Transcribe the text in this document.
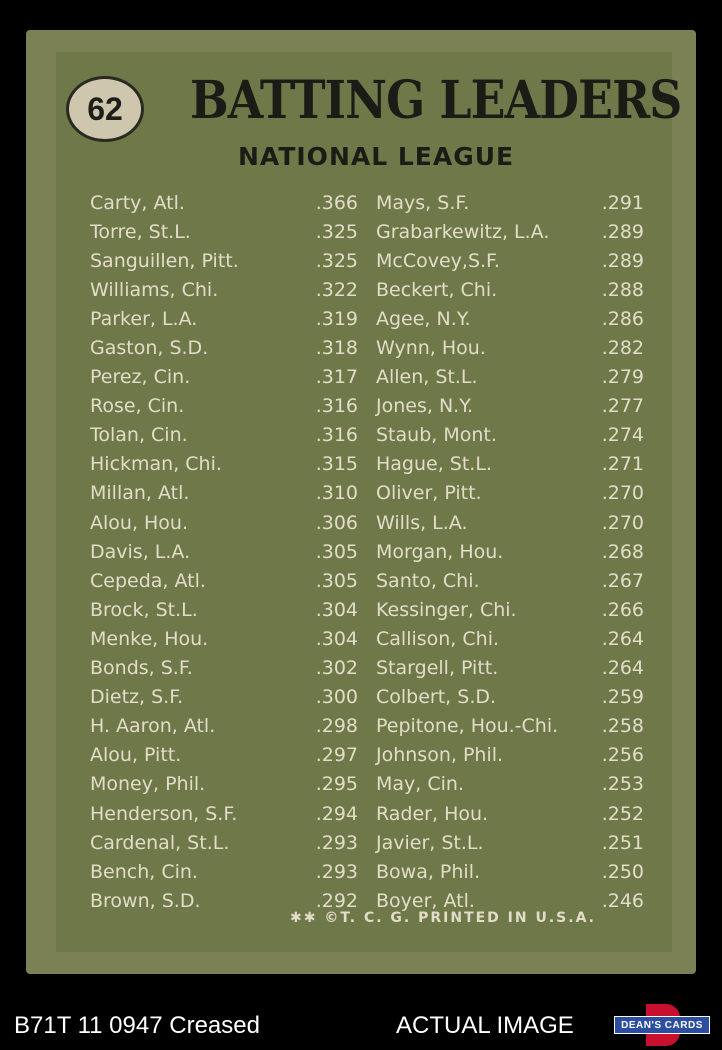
62 BATTING LEADERS
NATIONAL LEAGUE
Carty, Atl.	.366
Torre, St.L.	.325
Sanguillen, Pitt.	.325
Williams, Chi.	.322
Parker, L.A.	.319
Gaston, S.D.	.318
Perez, Cin.	.317
Rose, Cin.	.316
Tolan, Cin.	.316
Hickman, Chi.	.315
Millan, Atl.	.310
Alou, Hou.	.306
Davis, L.A.	.305
Cepeda, Atl.	.305
Brock, St.L.	.304
Menke, Hou.	.304
Bonds, S.F.	.302
Dietz, S.F.	.300
H. Aaron, Atl.	.298
Alou, Pitt.	.297
Money, Phil.	.295
Henderson, S.F.	.294
Cardenal, St.L.	.293
Bench, Cin.	.293
Brown, S.D.	.292
Mays, S.F.	.291
Grabarkewitz, L.A.	.289
McCovey,S.F.	.289
Beckert, Chi.	.288
Agee, N.Y.	.286
Wynn, Hou.	.282
Allen, St.L.	.279
Jones, N.Y.	.277
Staub, Mont.	.274
Hague, St.L.	.271
Oliver, Pitt.	.270
Wills, L.A.	.270
Morgan, Hou.	.268
Santo, Chi.	.267
Kessinger, Chi.	.266
Callison, Chi.	.264
Stargell, Pitt.	.264
Colbert, S.D.	.259
Pepitone, Hou.-Chi. .258
Johnson, Phil.	.256
May, Cin.	.253
Rader, Hou.	.252
Javier, St.L.	.251
Bowa, Phil.	.250
Boyer, Atl.	.246
✱✱ ©T. C. G. PRINTED IN U.S.A.
B71T 11 0947 Creased	ACTUAL IMAGE	DEAN'S CARDS
